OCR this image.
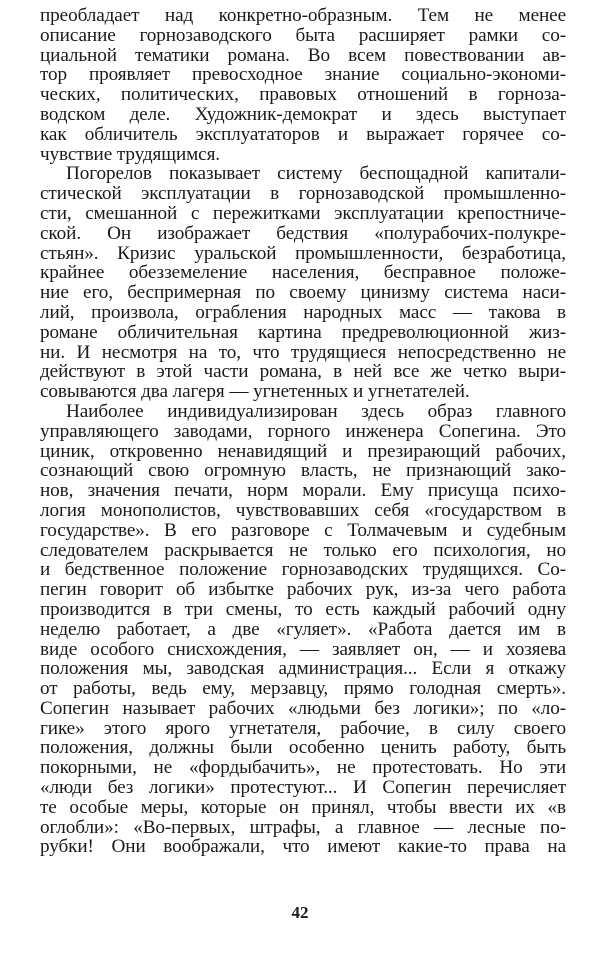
преобладает над конкретно-образным. Тем не менее
описание горнозаводского быта расширяет рамки со-
циальной тематики романа. Во всем повествовании ав-
тор проявляет превосходное знание социально-экономи-
ческих, политических, правовых отношений в горноза-
водском деле. Художник-демократ и здесь выступает
как обличитель эксплуататоров и выражает горячее со-
чувствие трудящимся.
Погорелов показывает систему беспощадной капитали-
стической эксплуатации в горнозаводской промышленно-
сти, смешанной с пережитками эксплуатации крепостниче-
ской. Он изображает бедствия «полурабочих-полукре-
стьян». Кризис уральской промышленности, безработица,
крайнее обезземеление населения, бесправное положе-
ние его, беспримерная по своему цинизму система наси-
лий, произвола, ограбления народных масс — такова в
романе обличительная картина предреволюционной жиз-
ни. И несмотря на то, что трудящиеся непосредственно не
действуют в этой части романа, в ней все же четко выри-
совываются два лагеря — угнетенных и угнетателей.
Наиболее индивидуализирован здесь образ главного
управляющего заводами, горного инженера Сопегина. Это
циник, откровенно ненавидящий и презирающий рабочих,
сознающий свою огромную власть, не признающий зако-
нов, значения печати, норм морали. Ему присуща психо-
логия монополистов, чувствовавших себя «государством в
государстве». В его разговоре с Толмачевым и судебным
следователем раскрывается не только его психология, но
и бедственное положение горнозаводских трудящихся. Со-
пегин говорит об избытке рабочих рук, из-за чего работа
производится в три смены, то есть каждый рабочий одну
неделю работает, а две «гуляет». «Работа дается им в
виде особого снисхождения, — заявляет он, — и хозяева
положения мы, заводская администрация... Если я откажу
от работы, ведь ему, мерзавцу, прямо голодная смерть».
Сопегин называет рабочих «людьми без логики»; по «ло-
гике» этого ярого угнетателя, рабочие, в силу своего
положения, должны были особенно ценить работу, быть
покорными, не «фордыбачить», не протестовать. Но эти
«люди без логики» протестуют... И Сопегин перечисляет
те особые меры, которые он принял, чтобы ввести их «в
оглобли»: «Во-первых, штрафы, а главное — лесные по-
рубки! Они воображали, что имеют какие-то права на
42
